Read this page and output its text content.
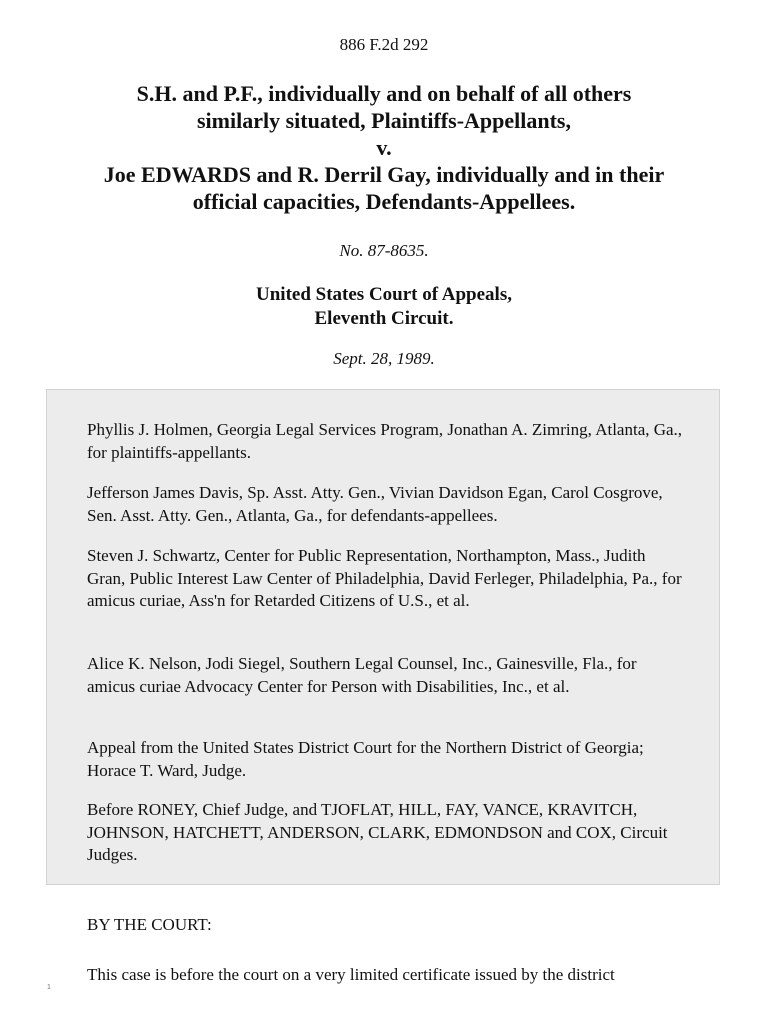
886 F.2d 292
S.H. and P.F., individually and on behalf of all others
similarly situated, Plaintiffs-Appellants,
v.
Joe EDWARDS and R. Derril Gay, individually and in their
official capacities, Defendants-Appellees.
No. 87-8635.
United States Court of Appeals,
Eleventh Circuit.
Sept. 28, 1989.

Phyllis J. Holmen, Georgia Legal Services Program, Jonathan A. Zimring, Atlanta, Ga., for plaintiffs-appellants.

Jefferson James Davis, Sp. Asst. Atty. Gen., Vivian Davidson Egan, Carol Cosgrove, Sen. Asst. Atty. Gen., Atlanta, Ga., for defendants-appellees.

Steven J. Schwartz, Center for Public Representation, Northampton, Mass., Judith Gran, Public Interest Law Center of Philadelphia, David Ferleger, Philadelphia, Pa., for amicus curiae, Ass'n for Retarded Citizens of U.S., et al.

Alice K. Nelson, Jodi Siegel, Southern Legal Counsel, Inc., Gainesville, Fla., for amicus curiae Advocacy Center for Person with Disabilities, Inc., et al.

Appeal from the United States District Court for the Northern District of Georgia; Horace T. Ward, Judge.

Before RONEY, Chief Judge, and TJOFLAT, HILL, FAY, VANCE, KRAVITCH, JOHNSON, HATCHETT, ANDERSON, CLARK, EDMONDSON and COX, Circuit Judges.

BY THE COURT:
1
This case is before the court on a very limited certificate issued by the district
